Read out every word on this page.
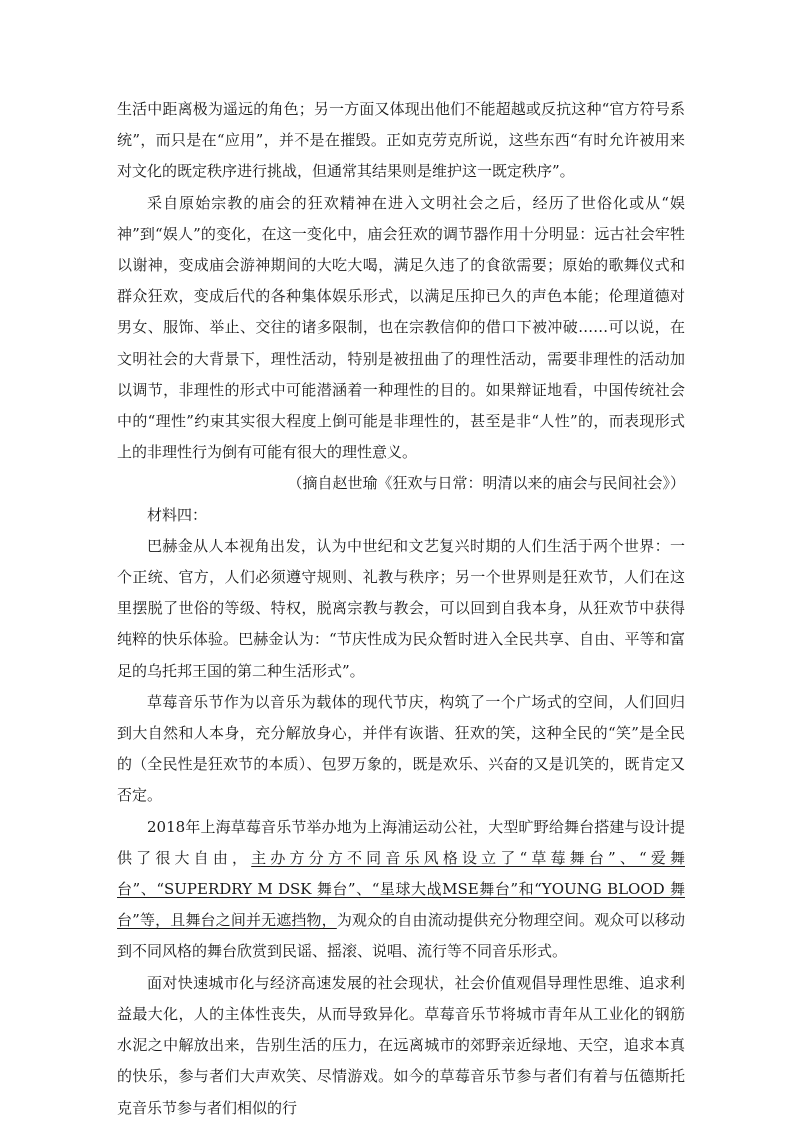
生活中距离极为遥远的角色；另一方面又体现出他们不能超越或反抗这种“官方符号系统”，而只是在“应用”，并不是在摧毁。正如克劳克所说，这些东西“有时允许被用来对文化的既定秩序进行挑战，但通常其结果则是维护这一既定秩序”。

采自原始宗教的庙会的狂欢精神在进入文明社会之后，经历了世俗化或从“娱神”到“娱人”的变化，在这一变化中，庙会狂欢的调节器作用十分明显：远古社会牢牲以谢神，变成庙会游神期间的大吃大喝，满足久违了的食欲需要；原始的歌舞仪式和群众狂欢，变成后代的各种集体娱乐形式，以满足压抑已久的声色本能；伦理道德对男女、服饰、举止、交往的诸多限制，也在宗教信仰的借口下被冲破……可以说，在文明社会的大背景下，理性活动，特别是被扭曲了的理性活动，需要非理性的活动加以调节，非理性的形式中可能潜涵着一种理性的目的。如果辩证地看，中国传统社会中的“理性”约束其实很大程度上倒可能是非理性的，甚至是非“人性”的，而表现形式上的非理性行为倒有可能有很大的理性意义。

（摘自赵世瑜《狂欢与日常：明清以来的庙会与民间社会》）

材料四：

巴赫金从人本视角出发，认为中世纪和文艺复兴时期的人们生活于两个世界：一个正统、官方，人们必须遵守规则、礼教与秩序；另一个世界则是狂欢节，人们在这里摆脱了世俗的等级、特权，脱离宗教与教会，可以回到自我本身，从狂欢节中获得纯粹的快乐体验。巴赫金认为：“节庆性成为民众暂时进入全民共享、自由、平等和富足的乌托邦王国的第二种生活形式”。

草莓音乐节作为以音乐为载体的现代节庆，构筑了一个广场式的空间，人们回归到大自然和人本身，充分解放身心，并伴有诙谐、狂欢的笑，这种全民的“笑”是全民的（全民性是狂欢节的本质）、包罗万象的，既是欢乐、兴奋的又是讥笑的，既肯定又否定。

2018年上海草莓音乐节举办地为上海浦运动公社，大型旷野给舞台搭建与设计提供了很大自由，主办方分方不同音乐风格设立了“草莓舞台”、“爱舞台”、“SUPERDRY M DSK 舞台”、“星球大战MSE舞台”和“YOUNG BLOOD 舞台”等，且舞台之间并无遮挡物，为观众的自由流动提供充分物理空间。观众可以移动到不同风格的舞台欣赏到民谣、摇滚、说唱、流行等不同音乐形式。

面对快速城市化与经济高速发展的社会现状，社会价值观倡导理性思维、追求利益最大化，人的主体性丧失，从而导致异化。草莓音乐节将城市青年从工业化的钢筋水泥之中解放出来，告别生活的压力，在远离城市的郊野亲近绿地、天空，追求本真的快乐，参与者们大声欢笑、尽情游戏。如今的草莓音乐节参与者们有着与伍德斯托克音乐节参与者们相似的行
